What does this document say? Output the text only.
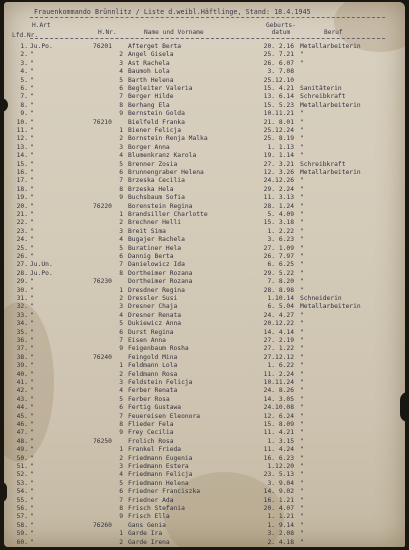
Frauenkommando Brünnlitz / Liste d.weibl.Häftlinge, Stand: 18.4.1945
H.Art
Lfd.Nr.	H.Nr.	Name und Vorname
Geburts-
datum	Beruf
1. Ju.Po.	76201	Afterget Berta	20. 2.16 Metallarbeiterin
2. "	2 Angel Gisela	25. 7.21 "
3. "	3 Ast Rachela	26. 6.07 "
4. "	4 Baumoh Lola	3. 7.08
5. "	5 Barth Helena	25.12.10
6. "	6 Begleiter Valeria	15. 4.21 Sanitäterin
7. "	7 Berger Hilde	13. 6.14 Schreibkraft
8. "	8 Berhang Ela	15. 5.23 Metallarbeiterin
9. "	9 Bernstein Golda	10.11.21 "
10. "	76210	Bielfeld Franka	21. 8.01 "
11. "	1 Biener Felicja	25.12.24 "
12. "	2 Bornstein Renja Malka	25. 8.19 "
13. "	3 Borger Anna	1. 1.13 "
14. "	4 Blumenkranz Karola	19. 1.14 "
15. "	5 Brenner Zosia	27. 3.21 Schreibkraft
16. "	6 Brunnengraber Helena	12. 3.26 Metallarbeiterin
17. "	7 Brzeska Cecilia	24.12.26 "
18. "	8 Brzeska Hela	29. 2.24 "
19. "	9 Buchsbaum Sofia	11. 3.13 "
20. "	76220	Borenstein Regina	28. 1.24 "
21. "	1 Brandsiller Charlotte	5. 4.09 "
22. "	2 Brechner Helli	15. 3.18 "
23. "	3 Breit Sima	1. 2.22 "
24. "	4 Bugajer Rachela	3. 6.23 "
25. "	5 Buratiner Hela	27. 1.09 "
26. "	6 Dannig Berta	26. 7.97 "
27. Ju.Un.	7 Danielowicz Ida	6. 6.25 "
28. Ju.Po.	8 Dortheimer Rozana	29. 5.22 "
29. "	76230	Dortheimer Rozana	7. 8.20 "
30. "	1 Dresdner Regina	28. 8.98 "
31. "	2 Dressler Susi	1.10.14 Schneiderin
32. "	3 Dresner Chaja	6. 5.04 Metallarbeiterin
33. "	4 Dresner Renata	24. 4.27 "
34. "	5 Dukiewicz Anna	20.12.22 "
35. "	6 Durst Regina	14. 4.14 "
36. "	7 Eisen Anna	27. 2.19 "
37. "	9 Feigenbaum Rosha	27. 1.22 "
38. "	76240	Feingold Mina	27.12.12 "
39. "	1 Feldmann Lola	1. 6.22 "
40. "	2 Feldmann Rosa	11. 2.24 "
41. "	3 Feldstein Felicja	10.11.24 "
42. "	4 Ferber Renata	24. 8.26 "
43. "	5 Ferber Rosa	14. 3.05 "
44. "	6 Fertig Gustawa	24.10.08 "
45. "	7 Feuereisen Eleonora	12. 6.24 "
46. "	8 Flieder Fela	15. 8.09 "
47. "	9 Frey Cecilia	11. 4.21 "
48. "	76250	Frolich Rosa	1. 3.15 "
49. "	1 Frankel Frieda	11. 4.24 "
50. "	2 Friedmann Eugenia	16. 6.23 "
51. "	3 Friedmann Estera	1.12.20 "
52. "	4 Friedmann Felicja	23. 5.13 "
53. "	5 Friedmann Helena	3. 9.04 "
54. "	6 Friedner Franciszka	14. 9.02 "
55. "	7 Friedner Ada	16. 1.21 "
56. "	8 Frisch Stefania	20. 4.07 "
57. "	9 Frisch Ella	1. 1.21 "
58. "	76260	Gans Genia	1. 9.14 "
59. "	1 Garde Ira	3. 2.08 "
60. "	2 Garde Irena	2. 4.18 "
